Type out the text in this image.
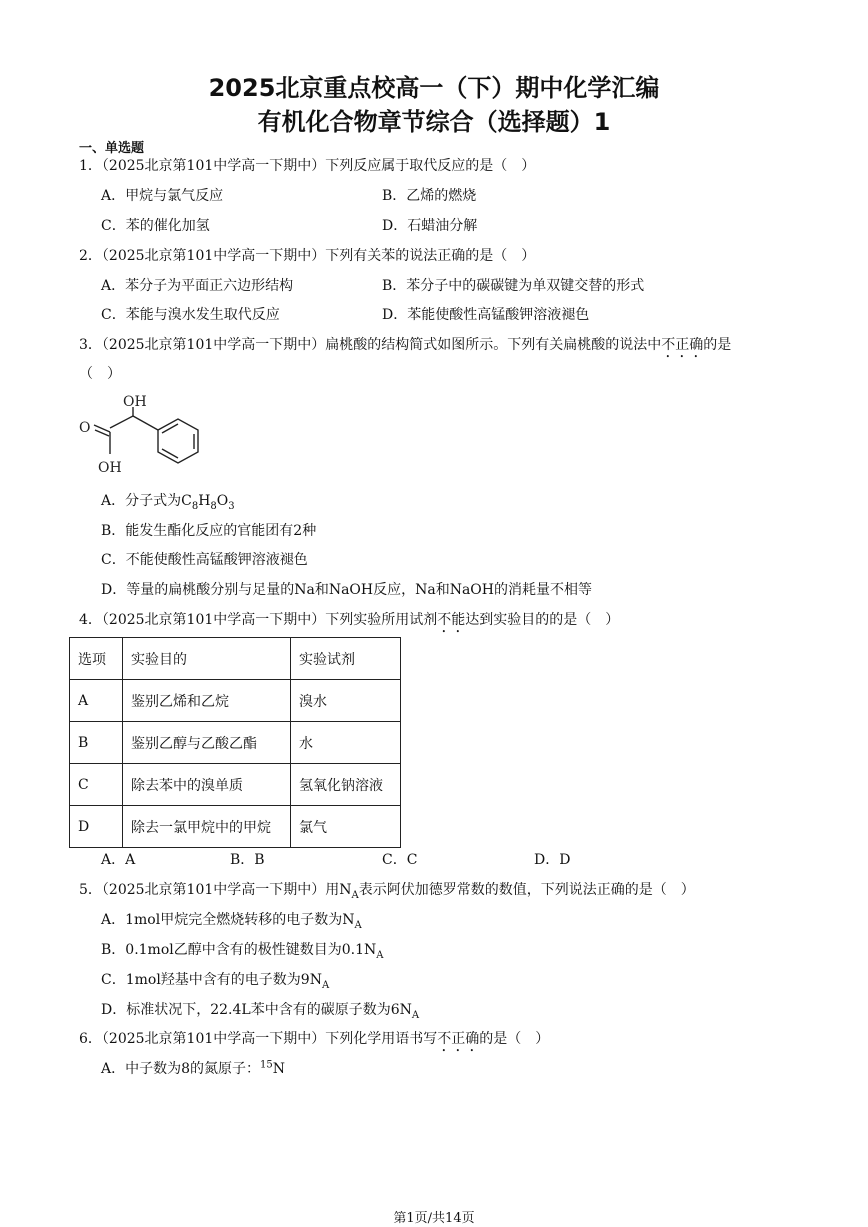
2025北京重点校高一（下）期中化学汇编
有机化合物章节综合（选择题）1
一、单选题
1．（2025北京第101中学高一下期中）下列反应属于取代反应的是（　）
A．甲烷与氯气反应	B．乙烯的燃烧
C．苯的催化加氢	D．石蜡油分解
2．（2025北京第101中学高一下期中）下列有关苯的说法正确的是（　）
A．苯分子为平面正六边形结构	B．苯分子中的碳碳键为单双键交替的形式
C．苯能与溴水发生取代反应	D．苯能使酸性高锰酸钾溶液褪色
3．（2025北京第101中学高一下期中）扁桃酸的结构简式如图所示。下列有关扁桃酸的说法中不正确的是
（　）
OH
O
OH
A．分子式为$C_8H_8O_3$
B．能发生酯化反应的官能团有2种
C．不能使酸性高锰酸钾溶液褪色
D．等量的扁桃酸分别与足量的Na和NaOH反应，Na和NaOH的消耗量不相等
4．（2025北京第101中学高一下期中）下列实验所用试剂不能达到实验目的的是（　）
选项	实验目的	实验试剂
A	鉴别乙烯和乙烷	溴水
B	鉴别乙醇与乙酸乙酯	水
C	除去苯中的溴单质	氢氧化钠溶液
D	除去一氯甲烷中的甲烷	氯气
A．A	B．B	C．C	D．D
5．（2025北京第101中学高一下期中）用$N_A$表示阿伏加德罗常数的数值，下列说法正确的是（　）
A．1mol甲烷完全燃烧转移的电子数为$N_A$
B．0.1mol乙醇中含有的极性键数目为$0.1N_A$
C．1mol羟基中含有的电子数为$9N_A$
D．标准状况下，22.4L苯中含有的碳原子数为$6N_A$
6．（2025北京第101中学高一下期中）下列化学用语书写不正确的是（　）
A．中子数为8的氮原子：$^{15}$N
第1页/共14页
